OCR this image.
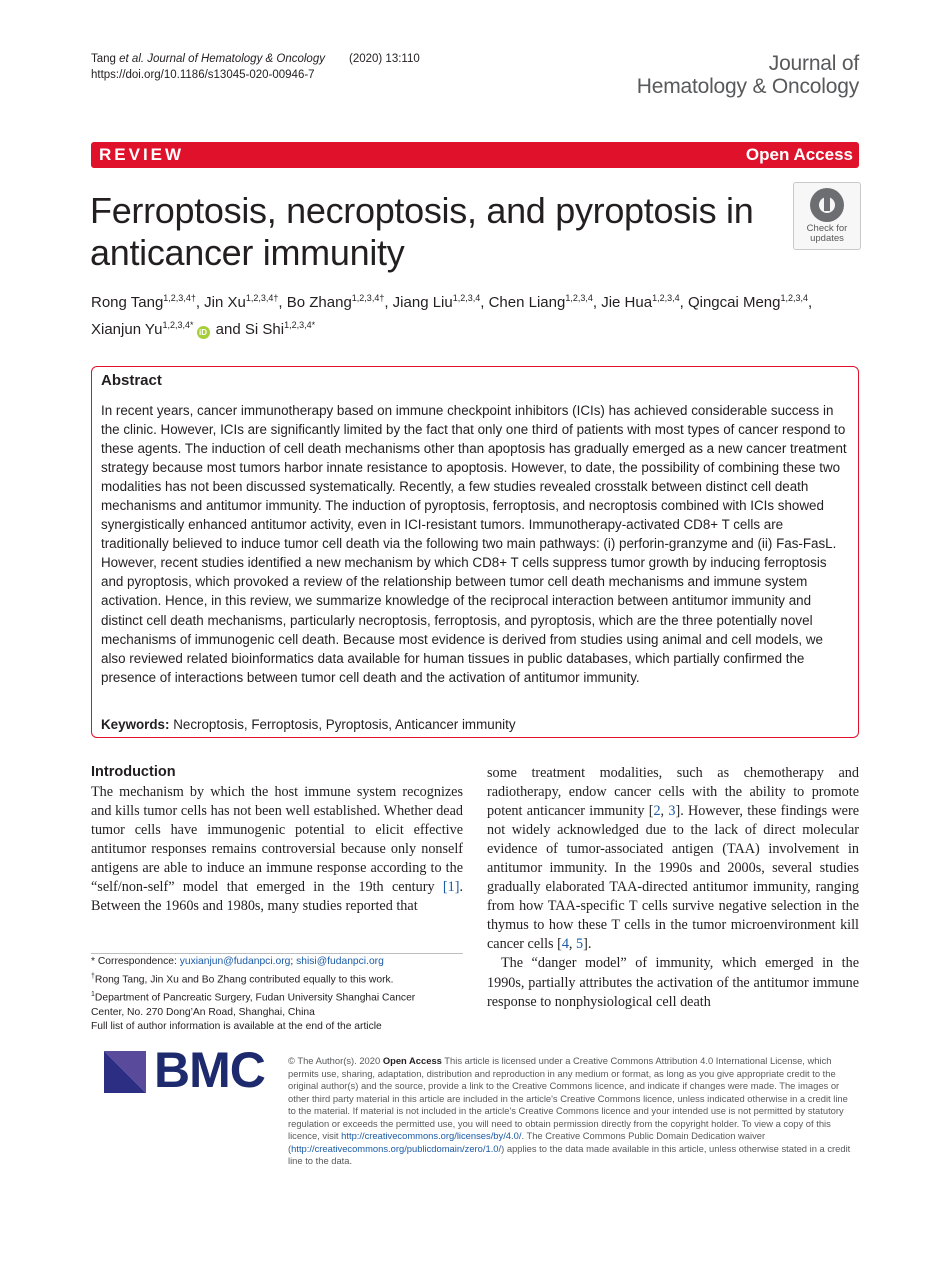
Tang et al. Journal of Hematology & Oncology (2020) 13:110
https://doi.org/10.1186/s13045-020-00946-7	Journal of
Hematology & Oncology
REVIEW	Open Access
Ferroptosis, necroptosis, and pyroptosis in anticancer immunity
Check for
updates
Rong Tang$^{1,2,3,4\dagger}$, Jin $Xu^{1,2,3,4\dagger}$, Bo Zhang$^{1,2,3,4\dagger}$, Jiang Liu$^{1,2,3,4}$, Chen Liang$^{1,2,3,4}$, Jie Hua$^{1,2,3,4}$, Qingcai Meng$^{1,2,3,4}$,
Xianjun $Yu^{1,2,3,4*}iD$ and Si Shi$^{1,2,3,4*}$
Abstract
In recent years, cancer immunotherapy based on immune checkpoint inhibitors (ICIs) has achieved considerable success in the clinic. However, ICIs are significantly limited by the fact that only one third of patients with most types of cancer respond to these agents. The induction of cell death mechanisms other than apoptosis has gradually emerged as a new cancer treatment strategy because most tumors harbor innate resistance to apoptosis. However, to date, the possibility of combining these two modalities has not been discussed systematically. Recently, a few studies revealed crosstalk between distinct cell death mechanisms and antitumor immunity. The induction of pyroptosis, ferroptosis, and necroptosis combined with ICIs showed synergistically enhanced antitumor activity, even in ICI-resistant tumors. Immunotherapy-activated CD8+ T cells are traditionally believed to induce tumor cell death via the following two main pathways: (i) perforin-granzyme and (ii) Fas-FasL. However, recent studies identified a new mechanism by which CD8+ T cells suppress tumor growth by inducing ferroptosis and pyroptosis, which provoked a review of the relationship between tumor cell death mechanisms and immune system activation. Hence, in this review, we summarize knowledge of the reciprocal interaction between antitumor immunity and distinct cell death mechanisms, particularly necroptosis, ferroptosis, and pyroptosis, which are the three potentially novel mechanisms of immunogenic cell death. Because most evidence is derived from studies using animal and cell models, we also reviewed related bioinformatics data available for human tissues in public databases, which partially confirmed the presence of interactions between tumor cell death and the activation of antitumor immunity.
Keywords: Necroptosis, Ferroptosis, Pyroptosis, Anticancer immunity
Introduction

The mechanism by which the host immune system recognizes and kills tumor cells has not been well established. Whether dead tumor cells have immunogenic potential to elicit effective antitumor responses remains controversial because only nonself antigens are able to induce an immune response according to the “self/non-self” model that emerged in the 19th century [1]. Between the 1960s and 1980s, many studies reported that

some treatment modalities, such as chemotherapy and radiotherapy, endow cancer cells with the ability to promote potent anticancer immunity [2, 3]. However, these findings were not widely acknowledged due to the lack of direct molecular evidence of tumor-associated antigen (TAA) involvement in antitumor immunity. In the 1990s and 2000s, several studies gradually elaborated TAA-directed antitumor immunity, ranging from how TAA-specific T cells survive negative selection in the thymus to how these T cells in the tumor microenvironment kill cancer cells [4, 5].

The “danger model” of immunity, which emerged in the 1990s, partially attributes the activation of the antitumor immune response to nonphysiological cell death

* Correspondence: yuxianjun@fudanpci.org; shisi@fudanpci.org
†Rong Tang, Jin Xu and Bo Zhang contributed equally to this work.
$^1$Department of Pancreatic Surgery, Fudan University Shanghai Cancer
Center, No. 270 Dong’An Road, Shanghai, China
Full list of author information is available at the end of the article
BMC © The Author(s). 2020 Open Access This article is licensed under a Creative Commons Attribution 4.0 International License, which permits use, sharing, adaptation, distribution and reproduction in any medium or format, as long as you give appropriate credit to the original author(s) and the source, provide a link to the Creative Commons licence, and indicate if changes were made. The images or other third party material in this article are included in the article's Creative Commons licence, unless indicated otherwise in a credit line to the material. If material is not included in the article's Creative Commons licence and your intended use is not permitted by statutory regulation or exceeds the permitted use, you will need to obtain permission directly from the copyright holder. To view a copy of this licence, visit http://creativecommons.org/licenses/by/4.0/. The Creative Commons Public Domain Dedication waiver (http://creativecommons.org/publicdomain/zero/1.0/) applies to the data made available in this article, unless otherwise stated in a credit line to the data.
